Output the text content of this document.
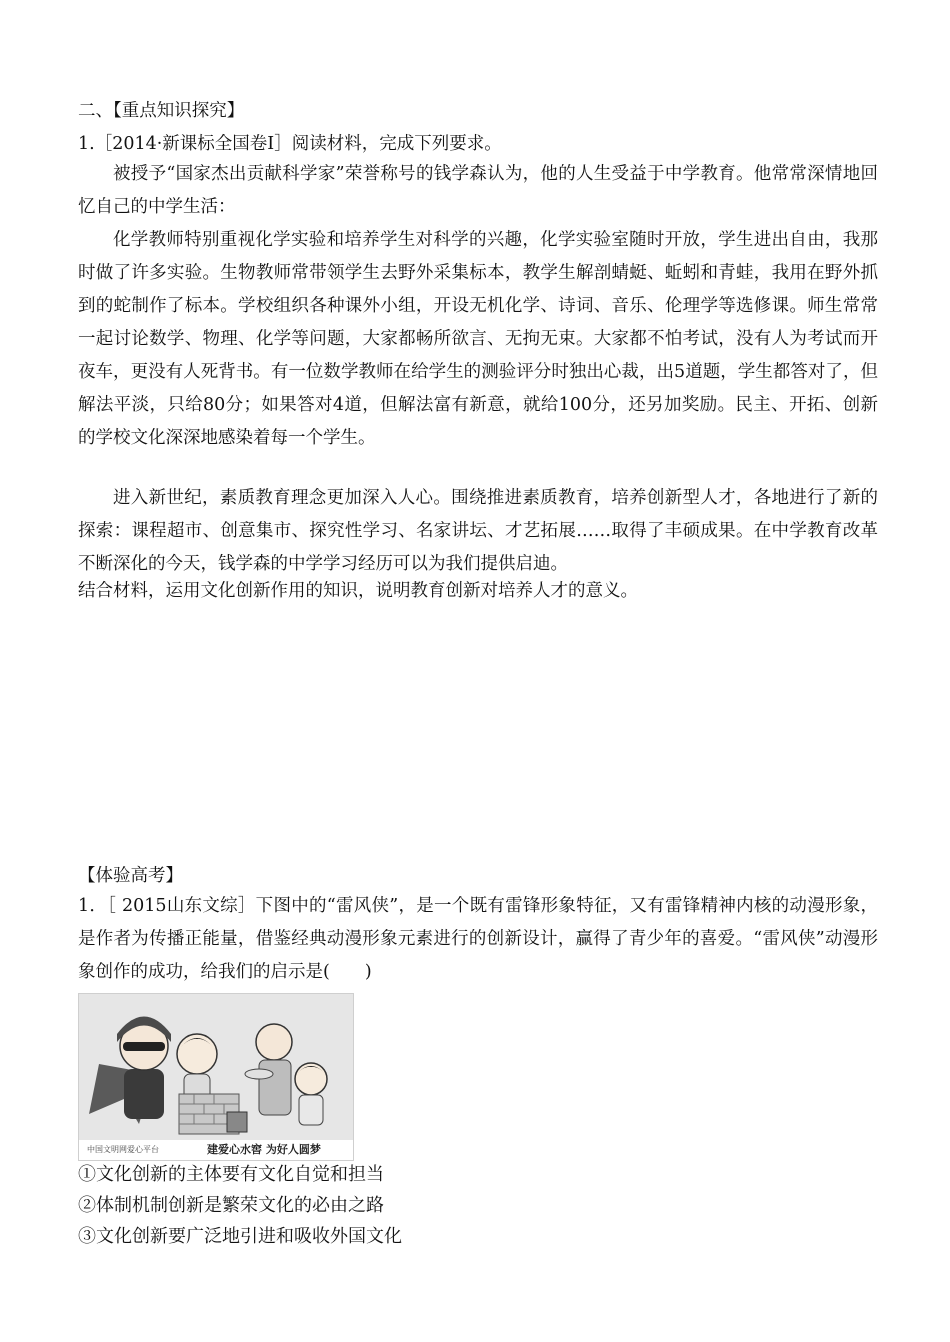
二、【重点知识探究】
1.［2014·新课标全国卷Ⅰ］阅读材料，完成下列要求。
被授予“国家杰出贡献科学家”荣誉称号的钱学森认为，他的人生受益于中学教育。他常常深情地回忆自己的中学生活：
化学教师特别重视化学实验和培养学生对科学的兴趣，化学实验室随时开放，学生进出自由，我那时做了许多实验。生物教师常带领学生去野外采集标本，教学生解剖蜻蜓、蚯蚓和青蛙，我用在野外抓到的蛇制作了标本。学校组织各种课外小组，开设无机化学、诗词、音乐、伦理学等选修课。师生常常一起讨论数学、物理、化学等问题，大家都畅所欲言、无拘无束。大家都不怕考试，没有人为考试而开夜车，更没有人死背书。有一位数学教师在给学生的测验评分时独出心裁，出5道题，学生都答对了，但解法平淡，只给80分；如果答对4道，但解法富有新意，就给100分，还另加奖励。民主、开拓、创新的学校文化深深地感染着每一个学生。
进入新世纪，素质教育理念更加深入人心。围绕推进素质教育，培养创新型人才，各地进行了新的探索：课程超市、创意集市、探究性学习、名家讲坛、才艺拓展……取得了丰硕成果。在中学教育改革不断深化的今天，钱学森的中学学习经历可以为我们提供启迪。
结合材料，运用文化创新作用的知识，说明教育创新对培养人才的意义。
【体验高考】
1．［ 2015山东文综］下图中的“雷风侠”，是一个既有雷锋形象特征，又有雷锋精神内核的动漫形象，是作者为传播正能量，借鉴经典动漫形象元素进行的创新设计，赢得了青少年的喜爱。“雷风侠”动漫形象创作的成功，给我们的启示是(　　)
中国文明网爱心平台	建爱心水窖 为好人圆梦
①文化创新的主体要有文化自觉和担当
②体制机制创新是繁荣文化的必由之路
③文化创新要广泛地引进和吸收外国文化
